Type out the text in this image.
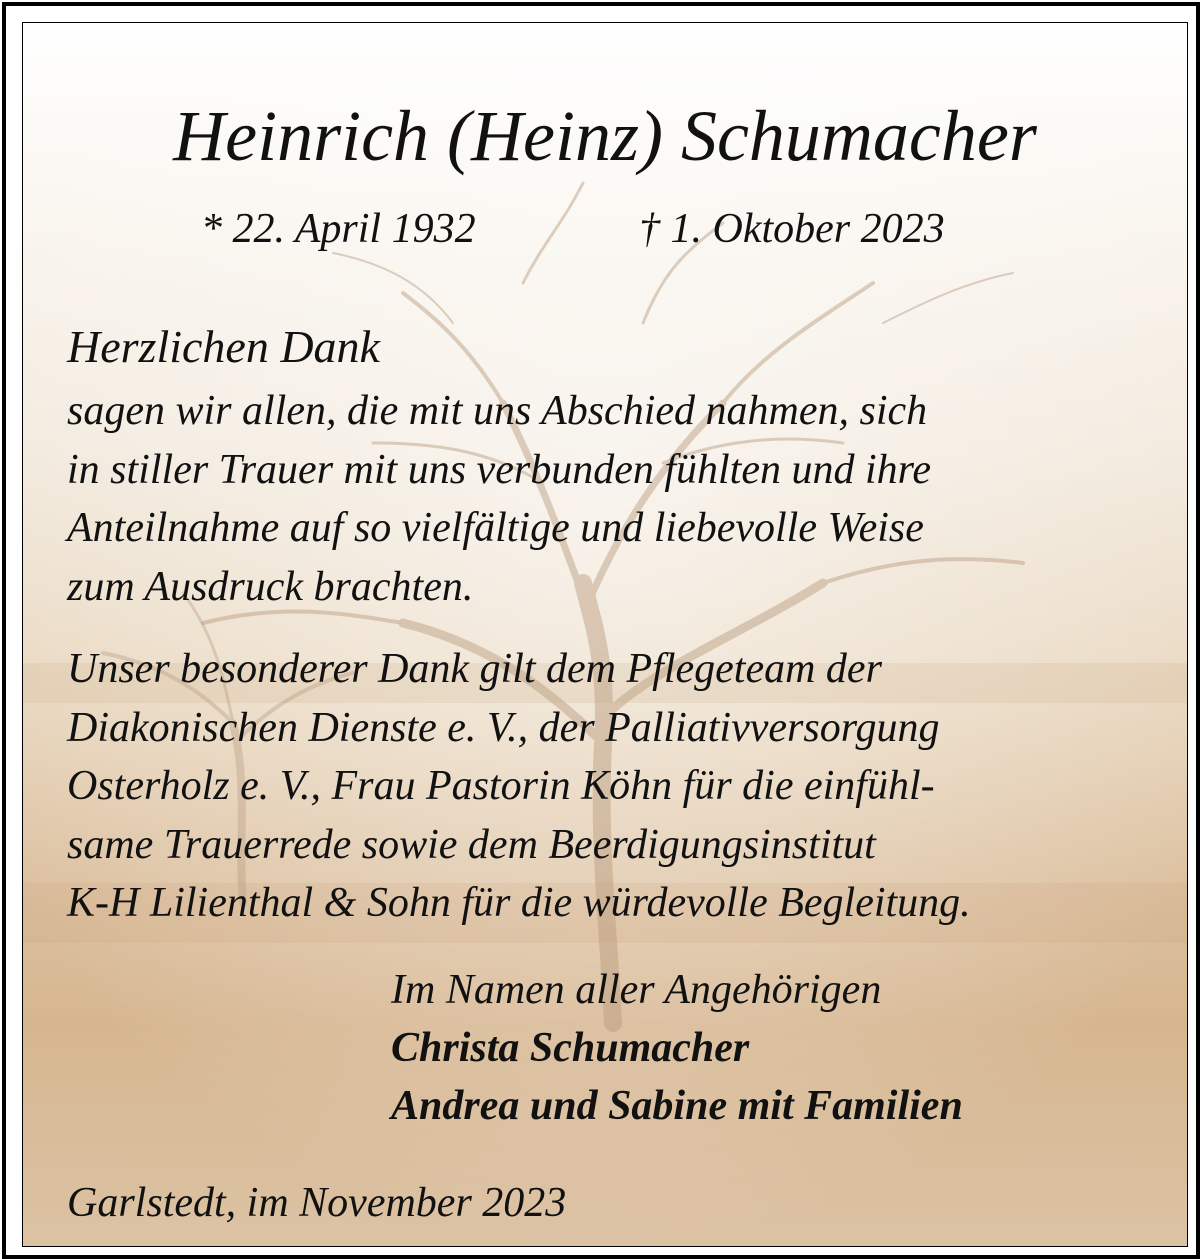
Heinrich (Heinz) Schumacher
* 22. April 1932	† 1. Oktober 2023
Herzlichen Dank
sagen wir allen, die mit uns Abschied nahmen, sich
in stiller Trauer mit uns verbunden fühlten und ihre
Anteilnahme auf so vielfältige und liebevolle Weise
zum Ausdruck brachten.
Unser besonderer Dank gilt dem Pflegeteam der
Diakonischen Dienste e. V., der Palliativversorgung
Osterholz e. V., Frau Pastorin Köhn für die einfühl-
same Trauerrede sowie dem Beerdigungsinstitut
K-H Lilienthal & Sohn für die würdevolle Begleitung.
Im Namen aller Angehörigen
Christa Schumacher
Andrea und Sabine mit Familien
Garlstedt, im November 2023
